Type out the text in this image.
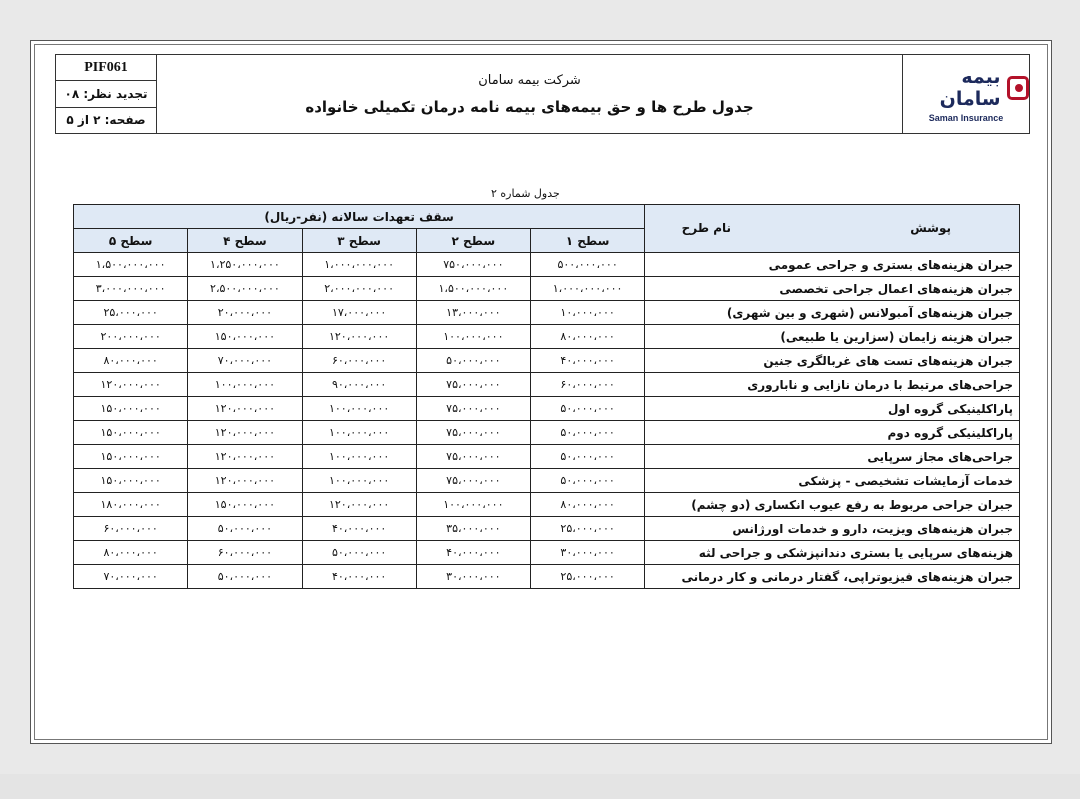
PIF061
تجدید نظر: ۰۸
صفحه: ۲ از ۵
شرکت بیمه سامان
جدول طرح ها و حق بیمه‌های بیمه نامه درمان تکمیلی خانواده
بیمه سامان
Saman Insurance
جدول شماره ۲
پوشش
نام طرح	سقف تعهدات سالانه (نفر-ریال)				
	سطح ۱	سطح ۲	سطح ۳	سطح ۴	سطح ۵
جبران هزینه‌های بستری و جراحی عمومی	۵۰۰،۰۰۰،۰۰۰	۷۵۰،۰۰۰،۰۰۰	۱،۰۰۰،۰۰۰،۰۰۰	۱،۲۵۰،۰۰۰،۰۰۰	۱،۵۰۰،۰۰۰،۰۰۰
جبران هزینه‌های اعمال جراحی تخصصی	۱،۰۰۰،۰۰۰،۰۰۰	۱،۵۰۰،۰۰۰،۰۰۰	۲،۰۰۰،۰۰۰،۰۰۰	۲،۵۰۰،۰۰۰،۰۰۰	۳،۰۰۰،۰۰۰،۰۰۰
جبران هزینه‌های آمبولانس (شهری و بین شهری)	۱۰،۰۰۰،۰۰۰	۱۳،۰۰۰،۰۰۰	۱۷،۰۰۰،۰۰۰	۲۰،۰۰۰،۰۰۰	۲۵،۰۰۰،۰۰۰
جبران هزینه زایمان (سزارین یا طبیعی)	۸۰،۰۰۰،۰۰۰	۱۰۰،۰۰۰،۰۰۰	۱۲۰،۰۰۰،۰۰۰	۱۵۰،۰۰۰،۰۰۰	۲۰۰،۰۰۰،۰۰۰
جبران هزینه‌های تست های غربالگری جنین	۴۰،۰۰۰،۰۰۰	۵۰،۰۰۰،۰۰۰	۶۰،۰۰۰،۰۰۰	۷۰،۰۰۰،۰۰۰	۸۰،۰۰۰،۰۰۰
جراحی‌های مرتبط با درمان نازایی و ناباروری	۶۰،۰۰۰،۰۰۰	۷۵،۰۰۰،۰۰۰	۹۰،۰۰۰،۰۰۰	۱۰۰،۰۰۰،۰۰۰	۱۲۰،۰۰۰،۰۰۰
پاراکلینیکی گروه اول	۵۰،۰۰۰،۰۰۰	۷۵،۰۰۰،۰۰۰	۱۰۰،۰۰۰،۰۰۰	۱۲۰،۰۰۰،۰۰۰	۱۵۰،۰۰۰،۰۰۰
پاراکلینیکی گروه دوم	۵۰،۰۰۰،۰۰۰	۷۵،۰۰۰،۰۰۰	۱۰۰،۰۰۰،۰۰۰	۱۲۰،۰۰۰،۰۰۰	۱۵۰،۰۰۰،۰۰۰
جراحی‌های مجاز سرپایی	۵۰،۰۰۰،۰۰۰	۷۵،۰۰۰،۰۰۰	۱۰۰،۰۰۰،۰۰۰	۱۲۰،۰۰۰،۰۰۰	۱۵۰،۰۰۰،۰۰۰
خدمات آزمایشات تشخیصی - پزشکی	۵۰،۰۰۰،۰۰۰	۷۵،۰۰۰،۰۰۰	۱۰۰،۰۰۰،۰۰۰	۱۲۰،۰۰۰،۰۰۰	۱۵۰،۰۰۰،۰۰۰
جبران جراحی مربوط به رفع عیوب انکساری (دو چشم)	۸۰،۰۰۰،۰۰۰	۱۰۰،۰۰۰،۰۰۰	۱۲۰،۰۰۰،۰۰۰	۱۵۰،۰۰۰،۰۰۰	۱۸۰،۰۰۰،۰۰۰
جبران هزینه‌های ویزیت، دارو و خدمات اورژانس	۲۵،۰۰۰،۰۰۰	۳۵،۰۰۰،۰۰۰	۴۰،۰۰۰،۰۰۰	۵۰،۰۰۰،۰۰۰	۶۰،۰۰۰،۰۰۰
هزینه‌های سرپایی یا بستری دندانپزشکی و جراحی لثه	۳۰،۰۰۰،۰۰۰	۴۰،۰۰۰،۰۰۰	۵۰،۰۰۰،۰۰۰	۶۰،۰۰۰،۰۰۰	۸۰،۰۰۰،۰۰۰
جبران هزینه‌های فیزیوتراپی، گفتار درمانی و کار درمانی	۲۵،۰۰۰،۰۰۰	۳۰،۰۰۰،۰۰۰	۴۰،۰۰۰،۰۰۰	۵۰،۰۰۰،۰۰۰	۷۰،۰۰۰،۰۰۰
